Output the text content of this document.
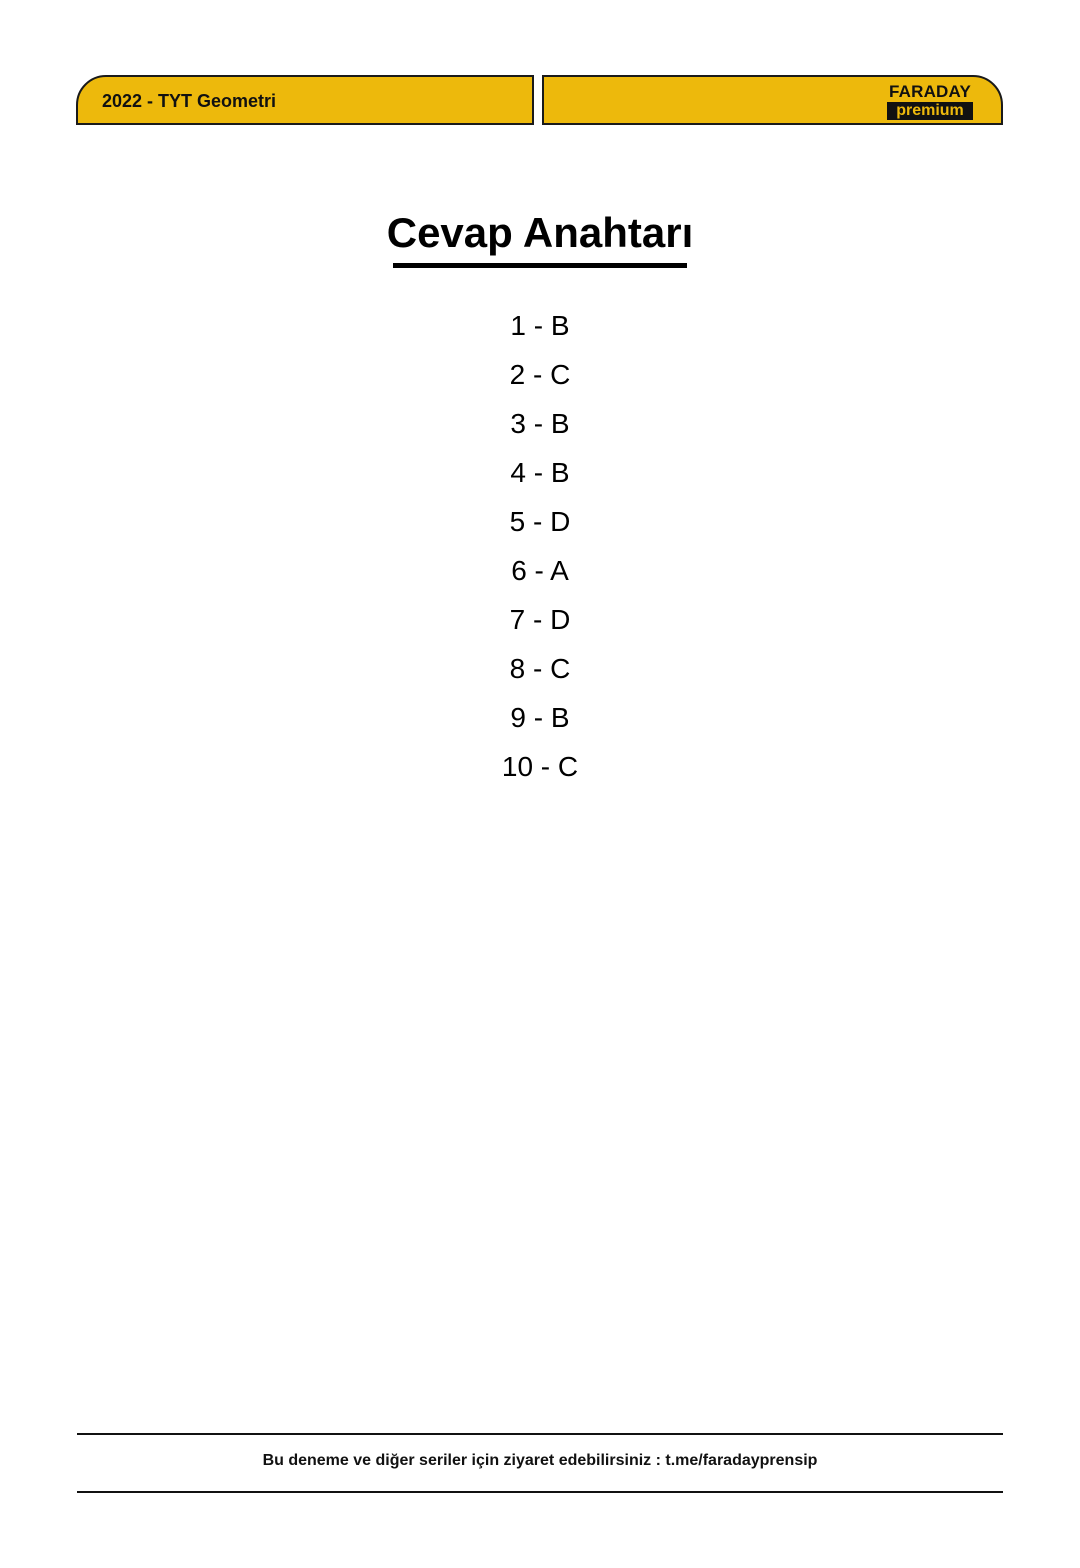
2022 - TYT Geometri	FARADAY
premium
Cevap Anahtarı
1 - B
2 - C
3 - B
4 - B
5 - D
6 - A
7 - D
8 - C
9 - B
10 - C
Bu deneme ve diğer seriler için ziyaret edebilirsiniz : t.me/faradayprensip
